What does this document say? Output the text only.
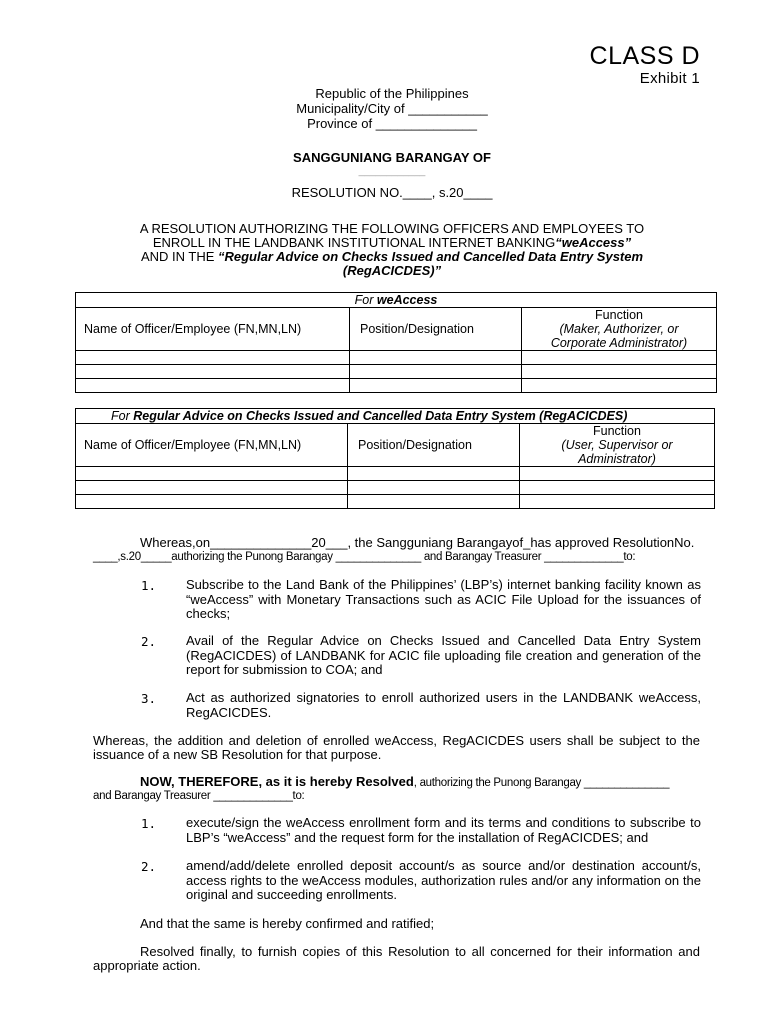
CLASS D
Exhibit 1
Republic of the Philippines
Municipality/City of ___________
Province of ______________
SANGGUNIANG BARANGAY OF
____________
RESOLUTION NO.____, s.20____
A RESOLUTION AUTHORIZING THE FOLLOWING OFFICERS AND EMPLOYEES TO
ENROLL IN THE LANDBANK INSTITUTIONAL INTERNET BANKING“weAccess”
AND IN THE “Regular Advice on Checks Issued and Cancelled Data Entry System
(RegACICDES)”
For weAccess		
Name of Officer/Employee (FN,MN,LN)	Position/Designation	Function
(Maker, Authorizer, or
Corporate Administrator)

For Regular Advice on Checks Issued and Cancelled Data Entry System (RegACICDES)		
Name of Officer/Employee (FN,MN,LN)	Position/Designation	Function
(User, Supervisor or
Administrator)

Whereas,on______________20___, the Sangguniang Barangayof_has approved ResolutionNo.
____,s.20_____authorizing the Punong Barangay ______________ and Barangay Treasurer _____________to:
1. Subscribe to the Land Bank of the Philippines’ (LBP’s) internet banking facility known as “weAccess” with Monetary Transactions such as ACIC File Upload for the issuances of checks;
2. Avail of the Regular Advice on Checks Issued and Cancelled Data Entry System (RegACICDES) of LANDBANK for ACIC file uploading file creation and generation of the report for submission to COA; and
3. Act as authorized signatories to enroll authorized users in the LANDBANK weAccess, RegACICDES.
Whereas, the addition and deletion of enrolled weAccess, RegACICDES users shall be subject to the issuance of a new SB Resolution for that purpose.
NOW, THEREFORE, as it is hereby Resolved, authorizing the Punong Barangay ______________
and Barangay Treasurer _____________to:
1. execute/sign the weAccess enrollment form and its terms and conditions to subscribe to LBP’s “weAccess” and the request form for the installation of RegACICDES; and
2. amend/add/delete enrolled deposit account/s as source and/or destination account/s, access rights to the weAccess modules, authorization rules and/or any information on the original and succeeding enrollments.
And that the same is hereby confirmed and ratified;
Resolved finally, to furnish copies of this Resolution to all concerned for their information and appropriate action.
